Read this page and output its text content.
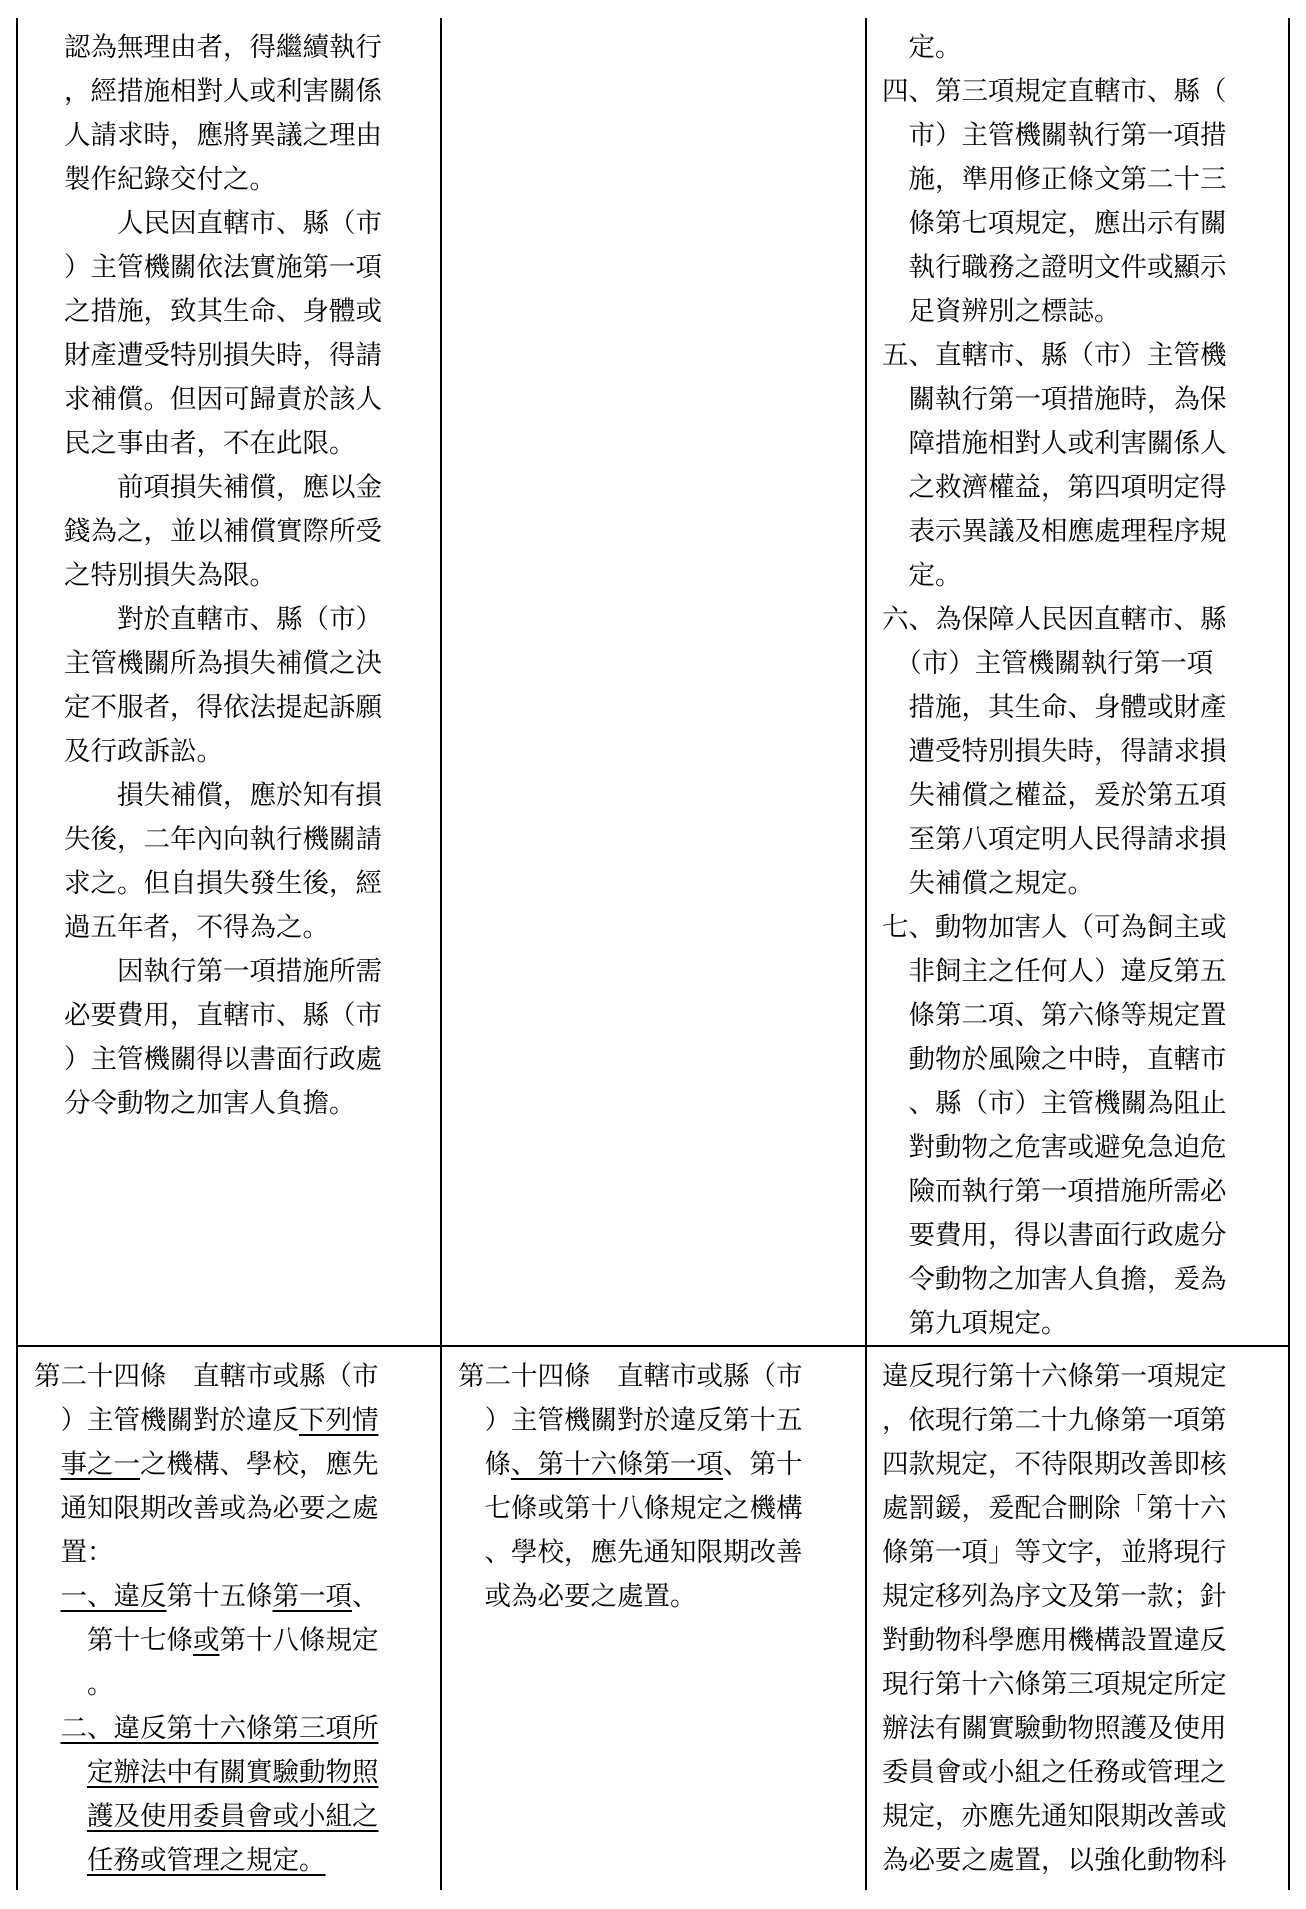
認為無理由者，得繼續執行
，經措施相對人或利害關係
人請求時，應將異議之理由
製作紀錄交付之。
　　人民因直轄市、縣（市
）主管機關依法實施第一項
之措施，致其生命、身體或
財產遭受特別損失時，得請
求補償。但因可歸責於該人
民之事由者，不在此限。
　　前項損失補償，應以金
錢為之，並以補償實際所受
之特別損失為限。
　　對於直轄市、縣（市）
主管機關所為損失補償之決
定不服者，得依法提起訴願
及行政訴訟。
　　損失補償，應於知有損
失後，二年內向執行機關請
求之。但自損失發生後，經
過五年者，不得為之。
　　因執行第一項措施所需
必要費用，直轄市、縣（市
）主管機關得以書面行政處
分令動物之加害人負擔。
　定。
四、第三項規定直轄市、縣（
　市）主管機關執行第一項措
　施，準用修正條文第二十三
　條第七項規定，應出示有關
　執行職務之證明文件或顯示
　足資辨別之標誌。
五、直轄市、縣（市）主管機
　關執行第一項措施時，為保
　障措施相對人或利害關係人
　之救濟權益，第四項明定得
　表示異議及相應處理程序規
　定。
六、為保障人民因直轄市、縣
　（市）主管機關執行第一項
　措施，其生命、身體或財產
　遭受特別損失時，得請求損
　失補償之權益，爰於第五項
　至第八項定明人民得請求損
　失補償之規定。
七、動物加害人（可為飼主或
　非飼主之任何人）違反第五
　條第二項、第六條等規定置
　動物於風險之中時，直轄市
　、縣（市）主管機關為阻止
　對動物之危害或避免急迫危
　險而執行第一項措施所需必
　要費用，得以書面行政處分
　令動物之加害人負擔，爰為
　第九項規定。
第二十四條　直轄市或縣（市
　）主管機關對於違反下列情
　事之一之機構、學校，應先
　通知限期改善或為必要之處
　置：
　一、違反第十五條第一項、
　　第十七條或第十八條規定
　　。
　二、違反第十六條第三項所
　　定辦法中有關實驗動物照
　　護及使用委員會或小組之
　　任務或管理之規定。
第二十四條　直轄市或縣（市
　）主管機關對於違反第十五
　條、第十六條第一項、第十
　七條或第十八條規定之機構
　、學校，應先通知限期改善
　或為必要之處置。
違反現行第十六條第一項規定
，依現行第二十九條第一項第
四款規定，不待限期改善即核
處罰鍰，爰配合刪除「第十六
條第一項」等文字，並將現行
規定移列為序文及第一款；針
對動物科學應用機構設置違反
現行第十六條第三項規定所定
辦法有關實驗動物照護及使用
委員會或小組之任務或管理之
規定，亦應先通知限期改善或
為必要之處置，以強化動物科
